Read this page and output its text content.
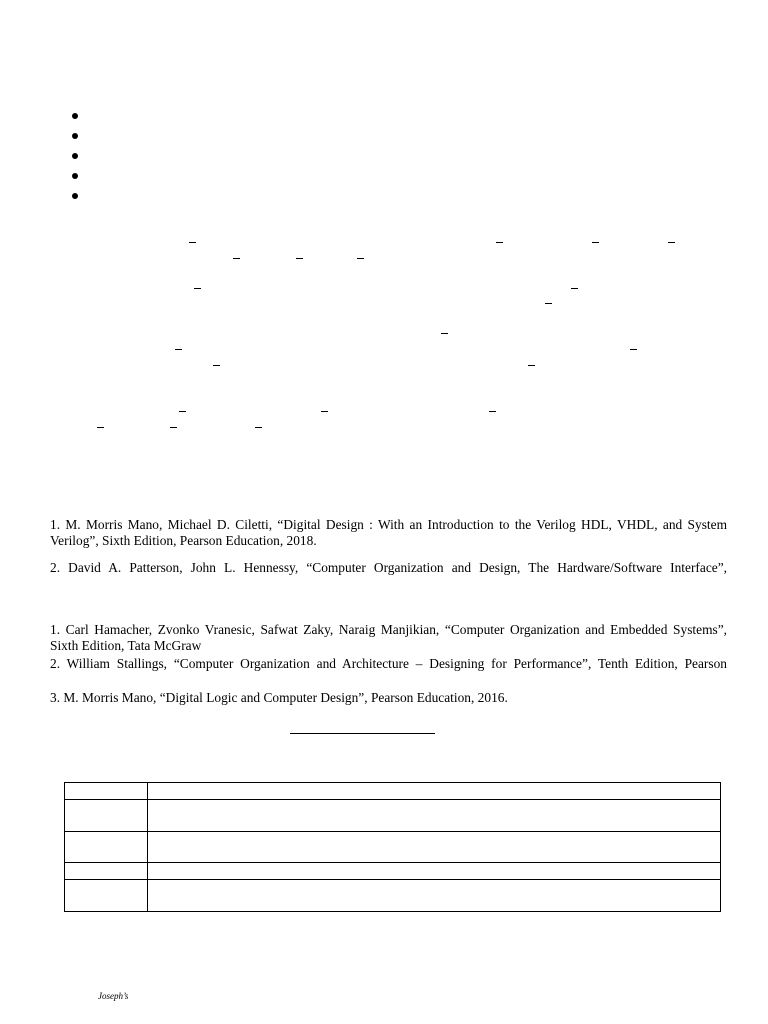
1. M. Morris Mano, Michael D. Ciletti, “Digital Design : With an Introduction to the Verilog HDL, VHDL, and System Verilog”, Sixth Edition, Pearson Education, 2018.

2. David A. Patterson, John L. Hennessy, “Computer Organization and Design, The Hardware/Software Interface”,

1. Carl Hamacher, Zvonko Vranesic, Safwat Zaky, Naraig Manjikian, “Computer Organization and Embedded Systems”, Sixth Edition, Tata McGraw

2. William Stallings, “Computer Organization and Architecture – Designing for Performance”, Tenth Edition, Pearson

3. M. Morris Mano, “Digital Logic and Computer Design”, Pearson Education, 2016.

Joseph’s
